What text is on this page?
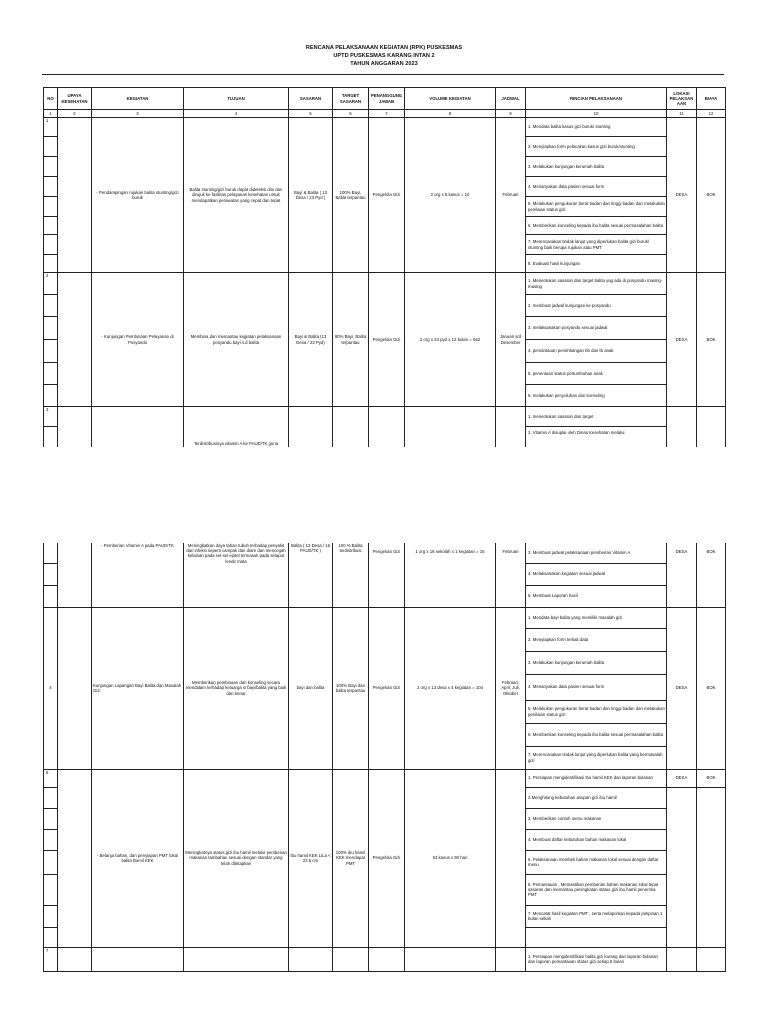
RENCANA PELAKSANAAN KEGIATAN (RPK) PUSKESMAS
UPTD PUSKESMAS KARANG INTAN 2
TAHUN ANGGARAN 2023
NO	UPAYA KESEHATAN	KEGIATAN	TUJUAN	SASARAN	TARGET SASARAN	PENANGGUNG JAWAB	VOLUME KEGIATAN	JADWAL	RINCIAN PELAKSANAAN	LOKASI PELAKSAN AAN	BIAYA
1	2	3	4	5	6	7	8	9	10	11	12
1		- Pendampingan rujukan balita stunting/gizi buruk	Balita stunting/gizi buruk dapat dideteksi dini dan dirujuk ke fasilitas pelayanan kesehatan untuk mendapatkan perawatan yang cepat dan tepat	Bayi & Balita ( 13 Desa / 23 Pyd )	100% Bayi, Balita terpantau	Pengelola Gizi	2 org x 5 kasus = 10	Februari	1. Mendata balita kasus gizi buruk/ stunting	DESA	BOK
									2. Menyiapkan form pelacakan kasus gizi buruk/stunting		
									3. Melakukan kunjungan kerumah balita		
									4. Menanyakan data pasien sesuai form		
									5. Melakukan pengukuran berat badan dan tinggi badan dan melakukan penilaian status gizi		
									6. Memberikan konseling kepada ibu balita sesuai permasalahan balita		
									7. Merencanakan tindak lanjut yang diperlukan balita gizi buruk/ stunting baik berupa rujukan atau PMT		
									8. Evaluasi hasil kunjungan		
2		- Kunjungan Pembinaan Pelayanan di Posyandu	Membina dan memantau kegiatan pelaksanaan posyandu bayi s.d balita	Bayi & Balita (13 Desa / 23 Pyd)	80% Bayi, Balita terpantau	Pengelola Gizi	2 org x 23 pyd x 12 bulan = 552	Januari s/d Desember	1. Menentukan sasaran dan target balita yag ada di posyandu masing-masing	DESA	BOK
									2. membuat jadwal kunjungan ke posyandu		
									3. melaksanakan posyandu sesuai jadwal		
									4. pemantauan penimbangan bb dan tb anak		
									5. penentuan status pertumbuhan anak		
									6. melakukan penyuluhan dan konseling		
3			Terdistribusinya vitamin A ke PAUD/TK guna						1. menentukan sasaran dan target		
									2. Vitamin A disuplai oleh Dinas Kesehatan melalui		
		- Pemberian Vitamin A pada PAUD/TK	Meningkatkan daya tahan tubuh terhadap penyakit dan infeksi seperti campak dan diare dan mencegah kelainan pada sel-sel epitel termasuk pada selaput lendir mata	Balita ( 13 Desa / 16 PAUD/TK )	100 % Balita terdistribusi	Pengelola Gizi	1 org x 16 sekolah x 1 kegiatan = 16	Februari	3. Membuat jadwal pelaksanaan pemberian Vitamin A	DESA	BOK
									4. Melaksanakan kegiatan sesuai jadwal		
									5. Membuat Laporan hasil		
4		Kunjungan Lapangan Bayi Balita dan Masalah Gizi	Memberikan pembinaan dan konseling secara mendalam terhadap keluarga si bayi/balita yang baik dan benar	bayi dan balita	100% Bayi dan balita terpantau	Pengelola Gizi	2 org x 13 desa x 4 kegiatan = 104	Februari, April, Juli, Oktober	1. Mendata bayi balita yang memiliki masalah gizi	DESA	BOK
									2. Menyiapkan form terkait data		
									3. Melakukan kunjungan kerumah balita		
									4. Menanyakan data pasien sesuai form		
									5. Melakukan pengukuran berat badan dan tinggi badan dan melakukan penilaian status gizi		
									6. Memberikan konseling kepada ibu balita sesuai permasalahan balita		
									7. Merencanakan tindak lanjut yang diperlukan balita yang bermasalah gizi		
6		- Belanja bahan, dan penyiapan PMT lokal balita Bumil KEK	Meningkatnya status gizi ibu hamil melalui pemberian makanan tambahan sesuai dengan standar yang telah ditetapkan	Ibu hamil KEK LiLa < 23.5 cm	100% ibu hamil KEK mendapat PMT	Pengelola Gizi	53 kasus x 90 hari		1. Persiapan mengidentifikasi Ibu hamil KEK dan laporan bulanan	DESA	BOK
									2.Menghitung kebutuhan asupan gizi ibu hamil		
									3. Memberikan contoh menu makanan		
									4. Membuat daftar kebutuhan bahan makanan lokal		
									5. Pelaksanaan membeli bahan makanan lokal sesuai dengan daftar menu		
									6. Pemantauan , Memastikan pemberian bahan makanan lokal tepat sasaran dan memantau peningkatan status gizi ibu hamil penerima PMT		
									7. Mencatat hasil kegiatan PMT , serta melaporkan kepada pimpinan 1 bulan sekali		

7									1. Persiapan mengidentifikasi balita gizi kurang dan laporan bulanan dan laporan pemantauan status gizi setiap 6 bulan		
